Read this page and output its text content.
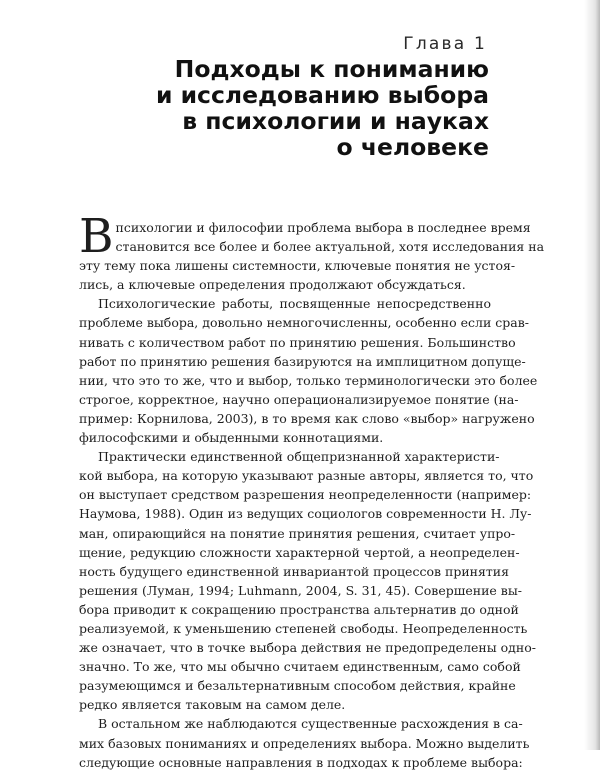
Глава 1
Подходы к пониманию
и исследованию выбора
в психологии и науках
о человеке

В психологии и философии проблема выбора в последнее время
становится все более и более актуальной, хотя исследования на
эту тему пока лишены системности, ключевые понятия не устоя-
лись, а ключевые определения продолжают обсуждаться.

Психологические работы, посвященные непосредственно
проблеме выбора, довольно немногочисленны, особенно если срав-
нивать с количеством работ по принятию решения. Большинство
работ по принятию решения базируются на имплицитном допуще-
нии, что это то же, что и выбор, только терминологически это более
строгое, корректное, научно операционализируемое понятие (на-
пример: Корнилова, 2003), в то время как слово «выбор» нагружено
философскими и обыденными коннотациями.

Практически единственной общепризнанной характеристи-
кой выбора, на которую указывают разные авторы, является то, что
он выступает средством разрешения неопределенности (например:
Наумова, 1988). Один из ведущих социологов современности Н. Лу-
ман, опирающийся на понятие принятия решения, считает упро-
щение, редукцию сложности характерной чертой, а неопределен-
ность будущего единственной инвариантой процессов принятия
решения (Луман, 1994; Luhmann, 2004, S. 31, 45). Совершение вы-
бора приводит к сокращению пространства альтернатив до одной
реализуемой, к уменьшению степеней свободы. Неопределенность
же означает, что в точке выбора действия не предопределены одно-
значно. То же, что мы обычно считаем единственным, само собой
разумеющимся и безальтернативным способом действия, крайне
редко является таковым на самом деле.

В остальном же наблюдаются существенные расхождения в са-
мих базовых пониманиях и определениях выбора. Можно выделить
следующие основные направления в подходах к проблеме выбора:
